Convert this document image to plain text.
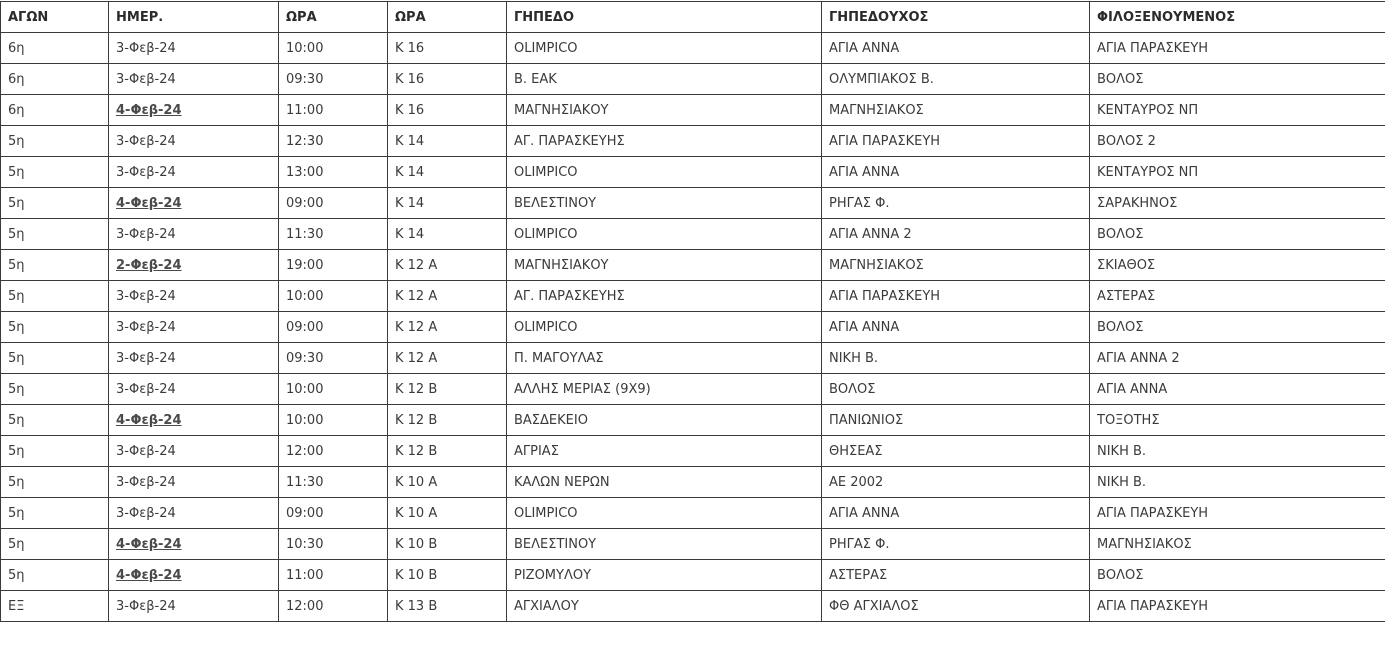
ΑΓΩΝ	ΗΜΕΡ.	ΩΡΑ	ΩΡΑ	ΓΗΠΕΔΟ	ΓΗΠΕΔΟΥΧΟΣ	ΦΙΛΟΞΕΝΟΥΜΕΝΟΣ
6η	3-Φεβ-24	10:00	Κ 16	OLIMPICO	ΑΓΙΑ ΑΝΝΑ	ΑΓΙΑ ΠΑΡΑΣΚΕΥΗ
6η	3-Φεβ-24	09:30	Κ 16	Β. ΕΑΚ	ΟΛΥΜΠΙΑΚΟΣ Β.	ΒΟΛΟΣ
6η	4-Φεβ-24	11:00	Κ 16	ΜΑΓΝΗΣΙΑΚΟΥ	ΜΑΓΝΗΣΙΑΚΟΣ	ΚΕΝΤΑΥΡΟΣ ΝΠ
5η	3-Φεβ-24	12:30	Κ 14	ΑΓ. ΠΑΡΑΣΚΕΥΗΣ	ΑΓΙΑ ΠΑΡΑΣΚΕΥΗ	ΒΟΛΟΣ 2
5η	3-Φεβ-24	13:00	Κ 14	OLIMPICO	ΑΓΙΑ ΑΝΝΑ	ΚΕΝΤΑΥΡΟΣ ΝΠ
5η	4-Φεβ-24	09:00	Κ 14	ΒΕΛΕΣΤΙΝΟΥ	ΡΗΓΑΣ Φ.	ΣΑΡΑΚΗΝΟΣ
5η	3-Φεβ-24	11:30	Κ 14	OLIMPICO	ΑΓΙΑ ΑΝΝΑ 2	ΒΟΛΟΣ
5η	2-Φεβ-24	19:00	Κ 12 Α	ΜΑΓΝΗΣΙΑΚΟΥ	ΜΑΓΝΗΣΙΑΚΟΣ	ΣΚΙΑΘΟΣ
5η	3-Φεβ-24	10:00	Κ 12 Α	ΑΓ. ΠΑΡΑΣΚΕΥΗΣ	ΑΓΙΑ ΠΑΡΑΣΚΕΥΗ	ΑΣΤΕΡΑΣ
5η	3-Φεβ-24	09:00	Κ 12 Α	OLIMPICO	ΑΓΙΑ ΑΝΝΑ	ΒΟΛΟΣ
5η	3-Φεβ-24	09:30	Κ 12 Α	Π. ΜΑΓΟΥΛΑΣ	ΝΙΚΗ Β.	ΑΓΙΑ ΑΝΝΑ 2
5η	3-Φεβ-24	10:00	Κ 12 Β	ΑΛΛΗΣ ΜΕΡΙΑΣ (9Χ9)	ΒΟΛΟΣ	ΑΓΙΑ ΑΝΝΑ
5η	4-Φεβ-24	10:00	Κ 12 Β	ΒΑΣΔΕΚΕΙΟ	ΠΑΝΙΩΝΙΟΣ	ΤΟΞΟΤΗΣ
5η	3-Φεβ-24	12:00	Κ 12 Β	ΑΓΡΙΑΣ	ΘΗΣΕΑΣ	ΝΙΚΗ Β.
5η	3-Φεβ-24	11:30	Κ 10 Α	ΚΑΛΩΝ ΝΕΡΩΝ	ΑΕ 2002	ΝΙΚΗ Β.
5η	3-Φεβ-24	09:00	Κ 10 Α	OLIMPICO	ΑΓΙΑ ΑΝΝΑ	ΑΓΙΑ ΠΑΡΑΣΚΕΥΗ
5η	4-Φεβ-24	10:30	Κ 10 Β	ΒΕΛΕΣΤΙΝΟΥ	ΡΗΓΑΣ Φ.	ΜΑΓΝΗΣΙΑΚΟΣ
5η	4-Φεβ-24	11:00	Κ 10 Β	ΡΙΖΟΜΥΛΟΥ	ΑΣΤΕΡΑΣ	ΒΟΛΟΣ
ΕΞ	3-Φεβ-24	12:00	Κ 13 Β	ΑΓΧΙΑΛΟΥ	ΦΘ ΑΓΧΙΑΛΟΣ	ΑΓΙΑ ΠΑΡΑΣΚΕΥΗ
